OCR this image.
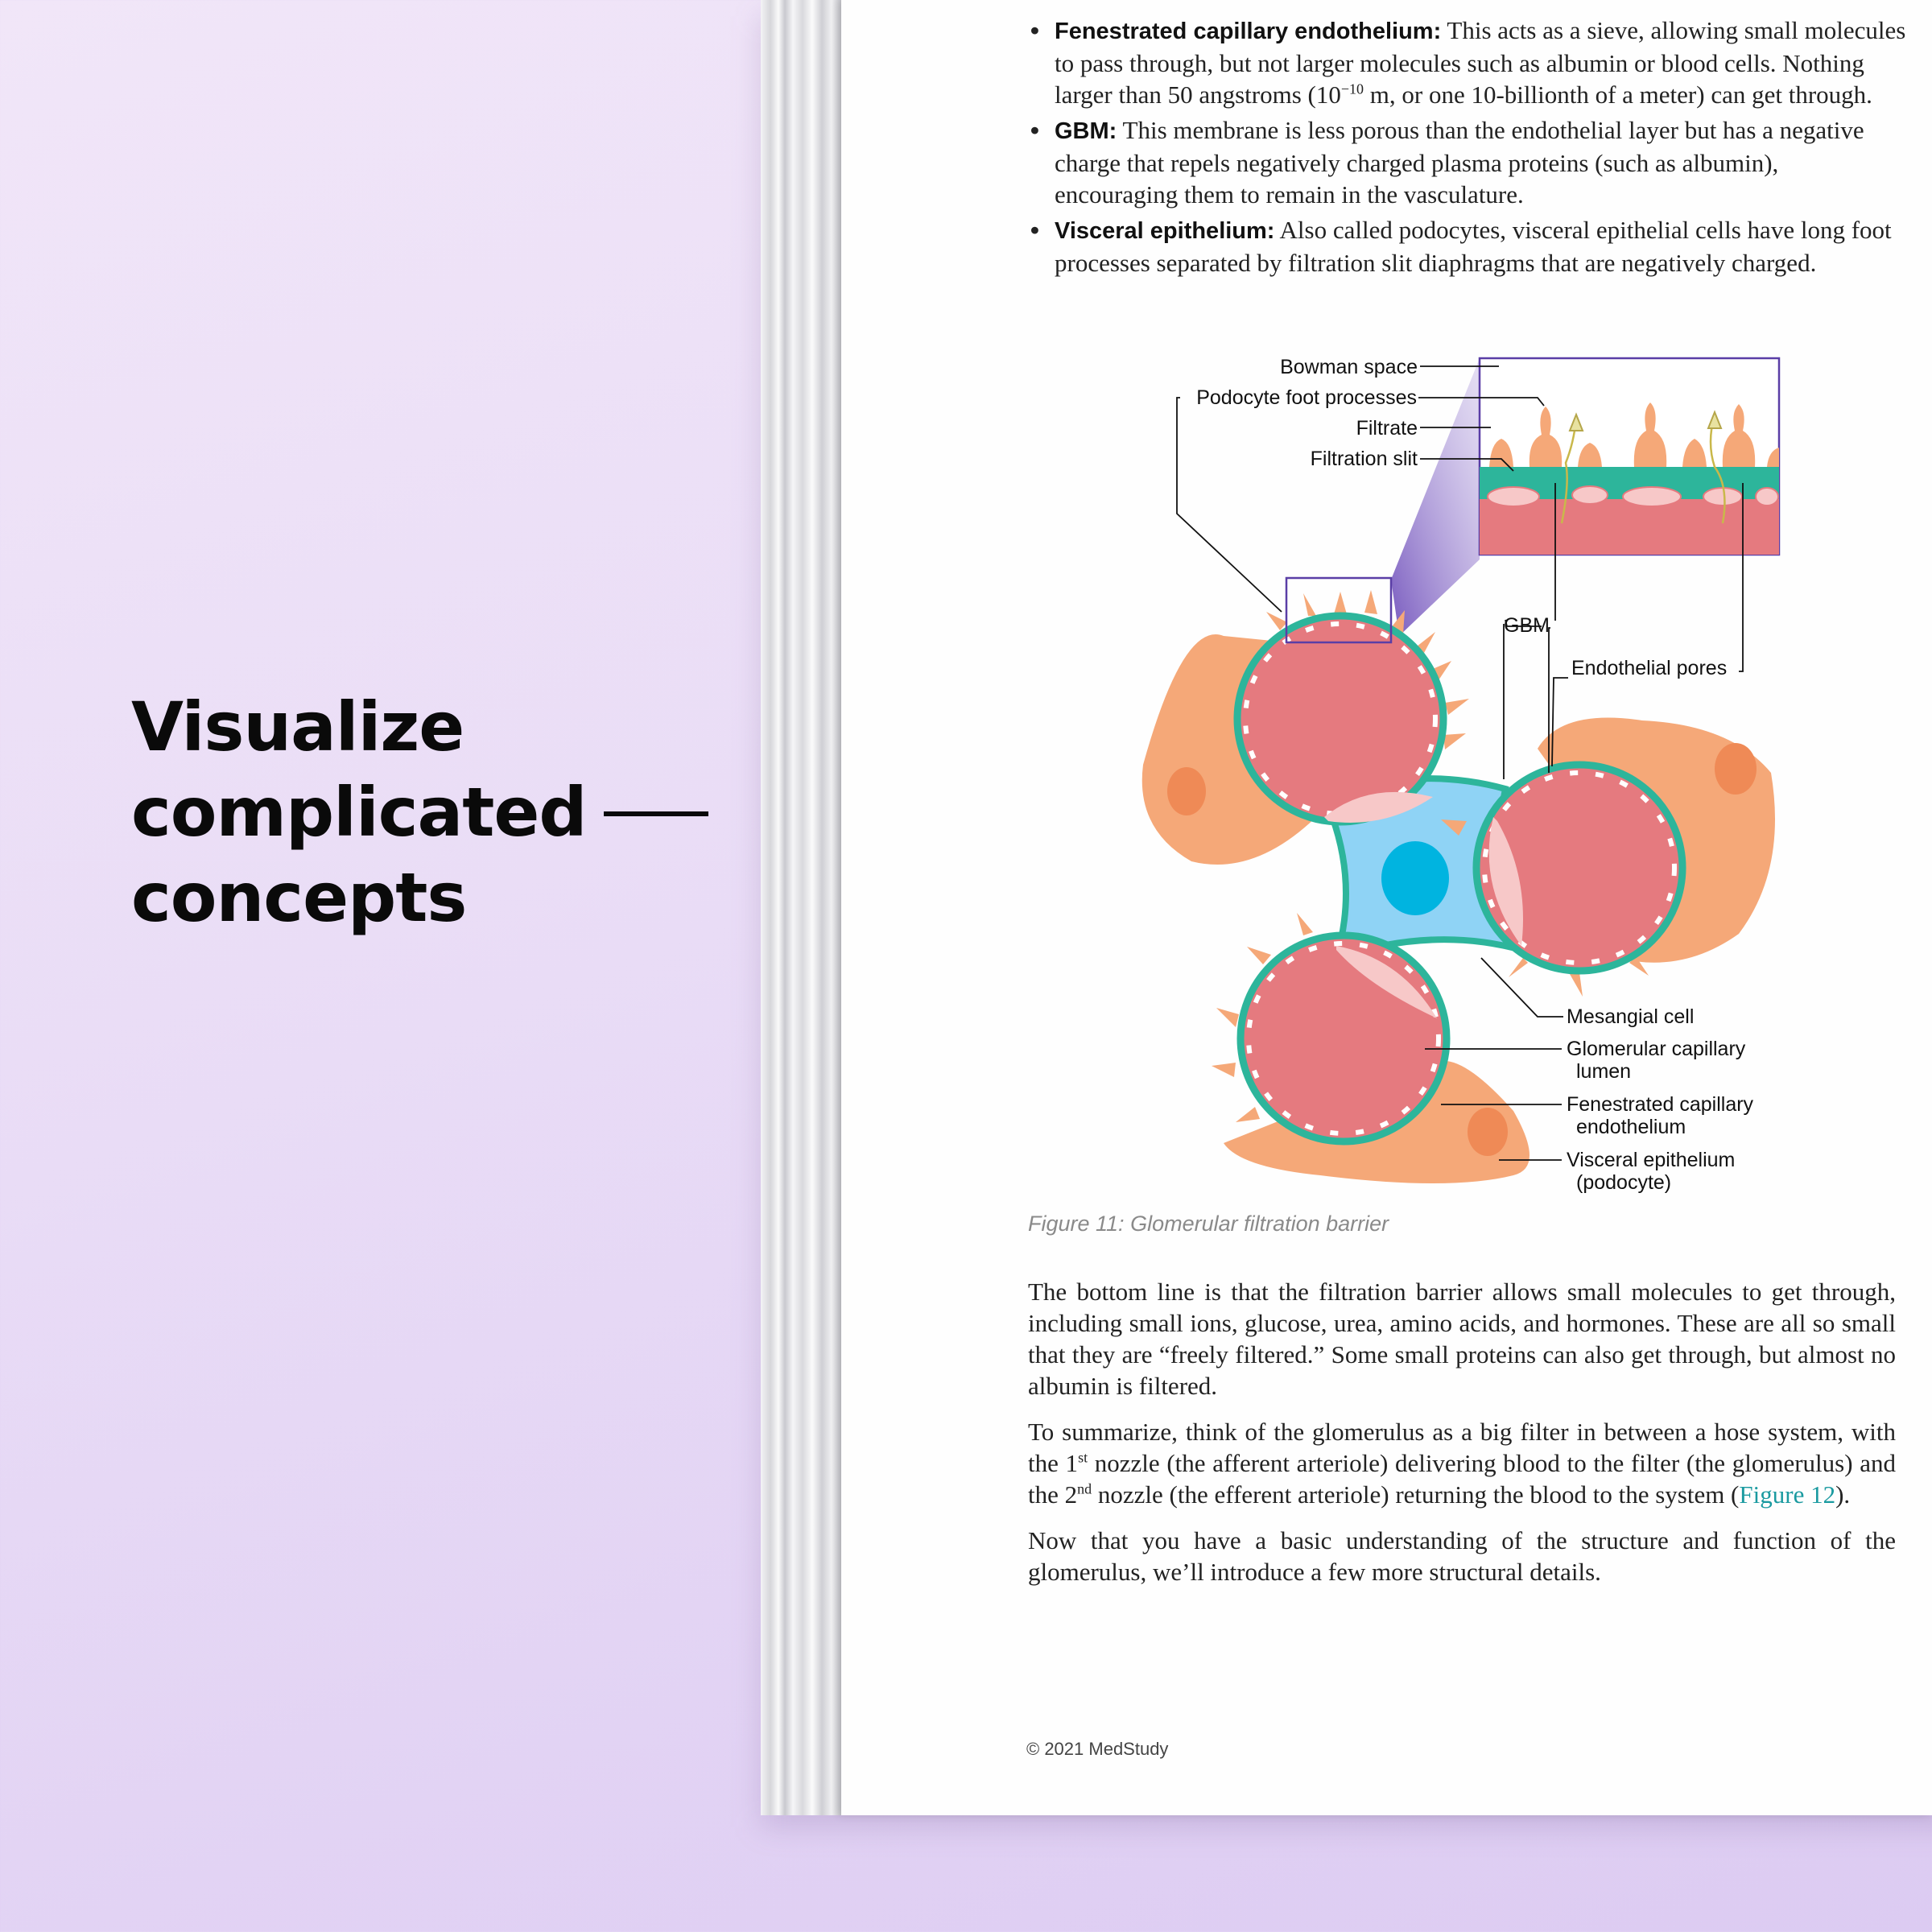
Visualize
complicated
concepts
• Fenestrated capillary endothelium: This acts as a sieve, allowing small molecules to pass through, but not larger molecules such as albumin or blood cells. Nothing larger than 50 angstroms ($10^{-10}$ m, or one 10-billionth of a meter) can get through.
• GBM: This membrane is less porous than the endothelial layer but has a negative charge that repels negatively charged plasma proteins (such as albumin), encouraging them to remain in the vasculature.
• Visceral epithelium: Also called podocytes, visceral epithelial cells have long foot processes separated by filtration slit diaphragms that are negatively charged.
Bowman space
Podocyte foot processes
Filtrate
Filtration slit
GBM
Endothelial pores
Mesangial cell
Glomerular capillary
lumen
Fenestrated capillary
endothelium
Visceral epithelium
(podocyte)
Figure 11: Glomerular filtration barrier

The bottom line is that the filtration barrier allows small molecules to get through, including small ions, glucose, urea, amino acids, and hormones. These are all so small that they are “freely filtered.” Some small proteins can also get through, but almost no albumin is filtered.

To summarize, think of the glomerulus as a big filter in between a hose system, with the 1st nozzle (the afferent arteriole) delivering blood to the filter (the glomerulus) and the 2nd nozzle (the efferent arteriole) returning the blood to the system (Figure 12).

Now that you have a basic understanding of the structure and function of the glomerulus, we’ll introduce a few more structural details.

© 2021 MedStudy
